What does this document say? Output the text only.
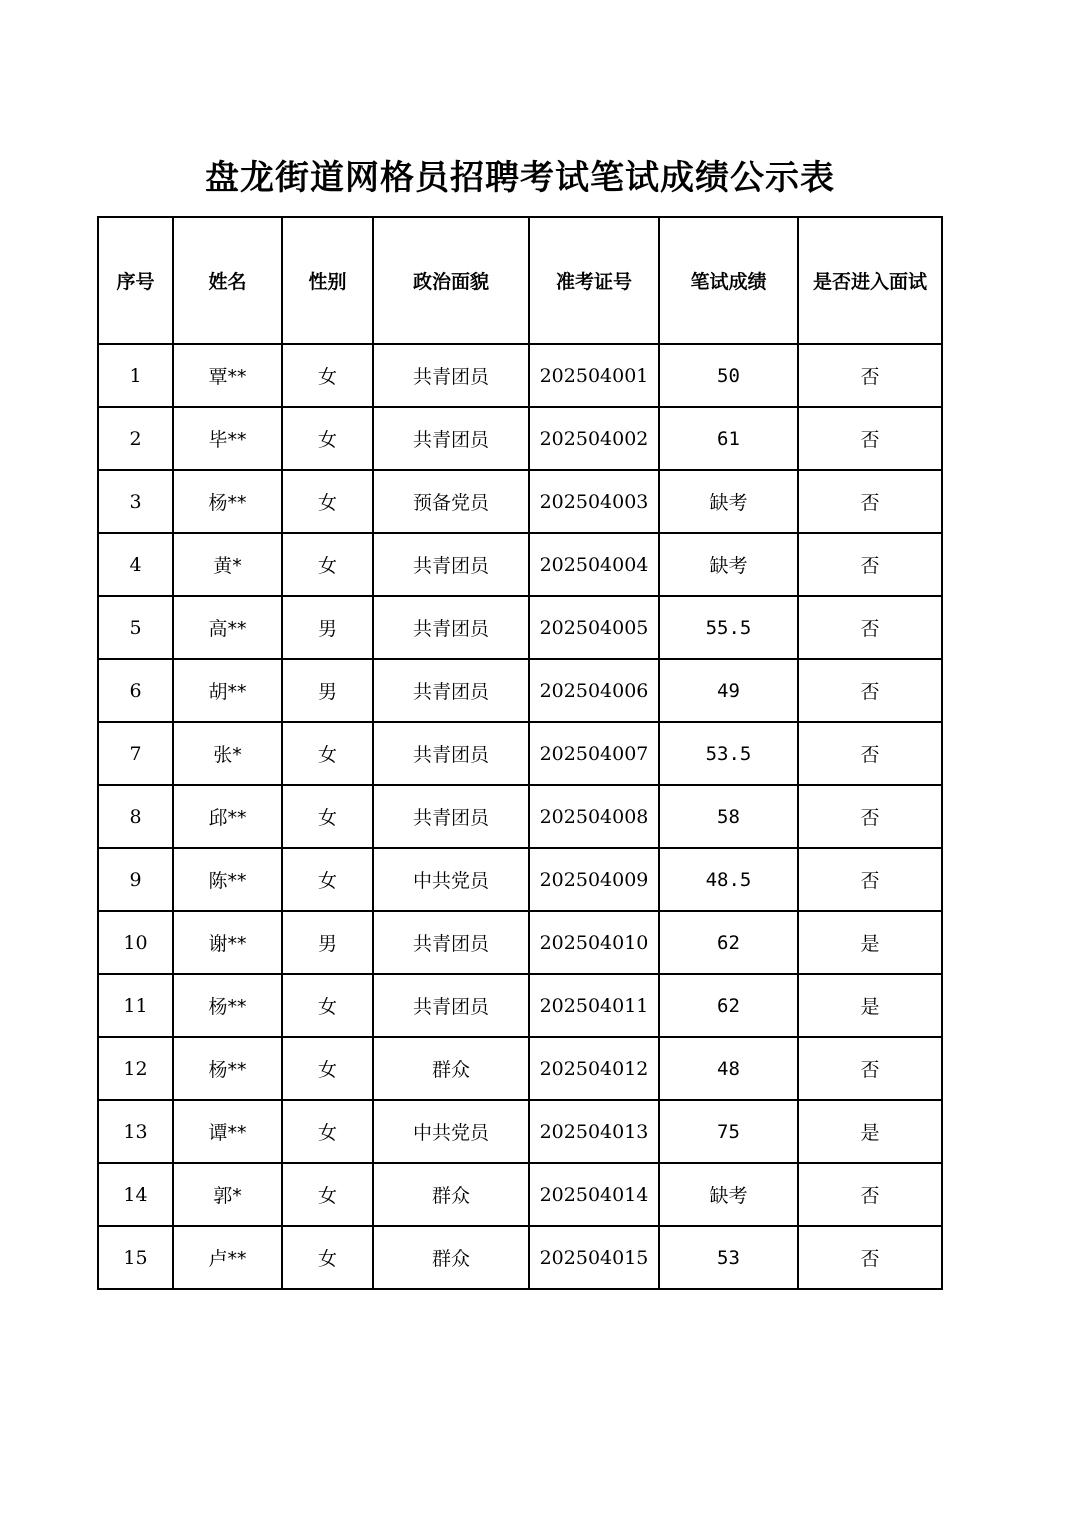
盘龙街道网格员招聘考试笔试成绩公示表
序号	姓名	性别	政治面貌	准考证号	笔试成绩	是否进入面试
1	覃**	女	共青团员	202504001	50	否
2	毕**	女	共青团员	202504002	61	否
3	杨**	女	预备党员	202504003	缺考	否
4	黄*	女	共青团员	202504004	缺考	否
5	高**	男	共青团员	202504005	55.5	否
6	胡**	男	共青团员	202504006	49	否
7	张*	女	共青团员	202504007	53.5	否
8	邱**	女	共青团员	202504008	58	否
9	陈**	女	中共党员	202504009	48.5	否
10	谢**	男	共青团员	202504010	62	是
11	杨**	女	共青团员	202504011	62	是
12	杨**	女	群众	202504012	48	否
13	谭**	女	中共党员	202504013	75	是
14	郭*	女	群众	202504014	缺考	否
15	卢**	女	群众	202504015	53	否
